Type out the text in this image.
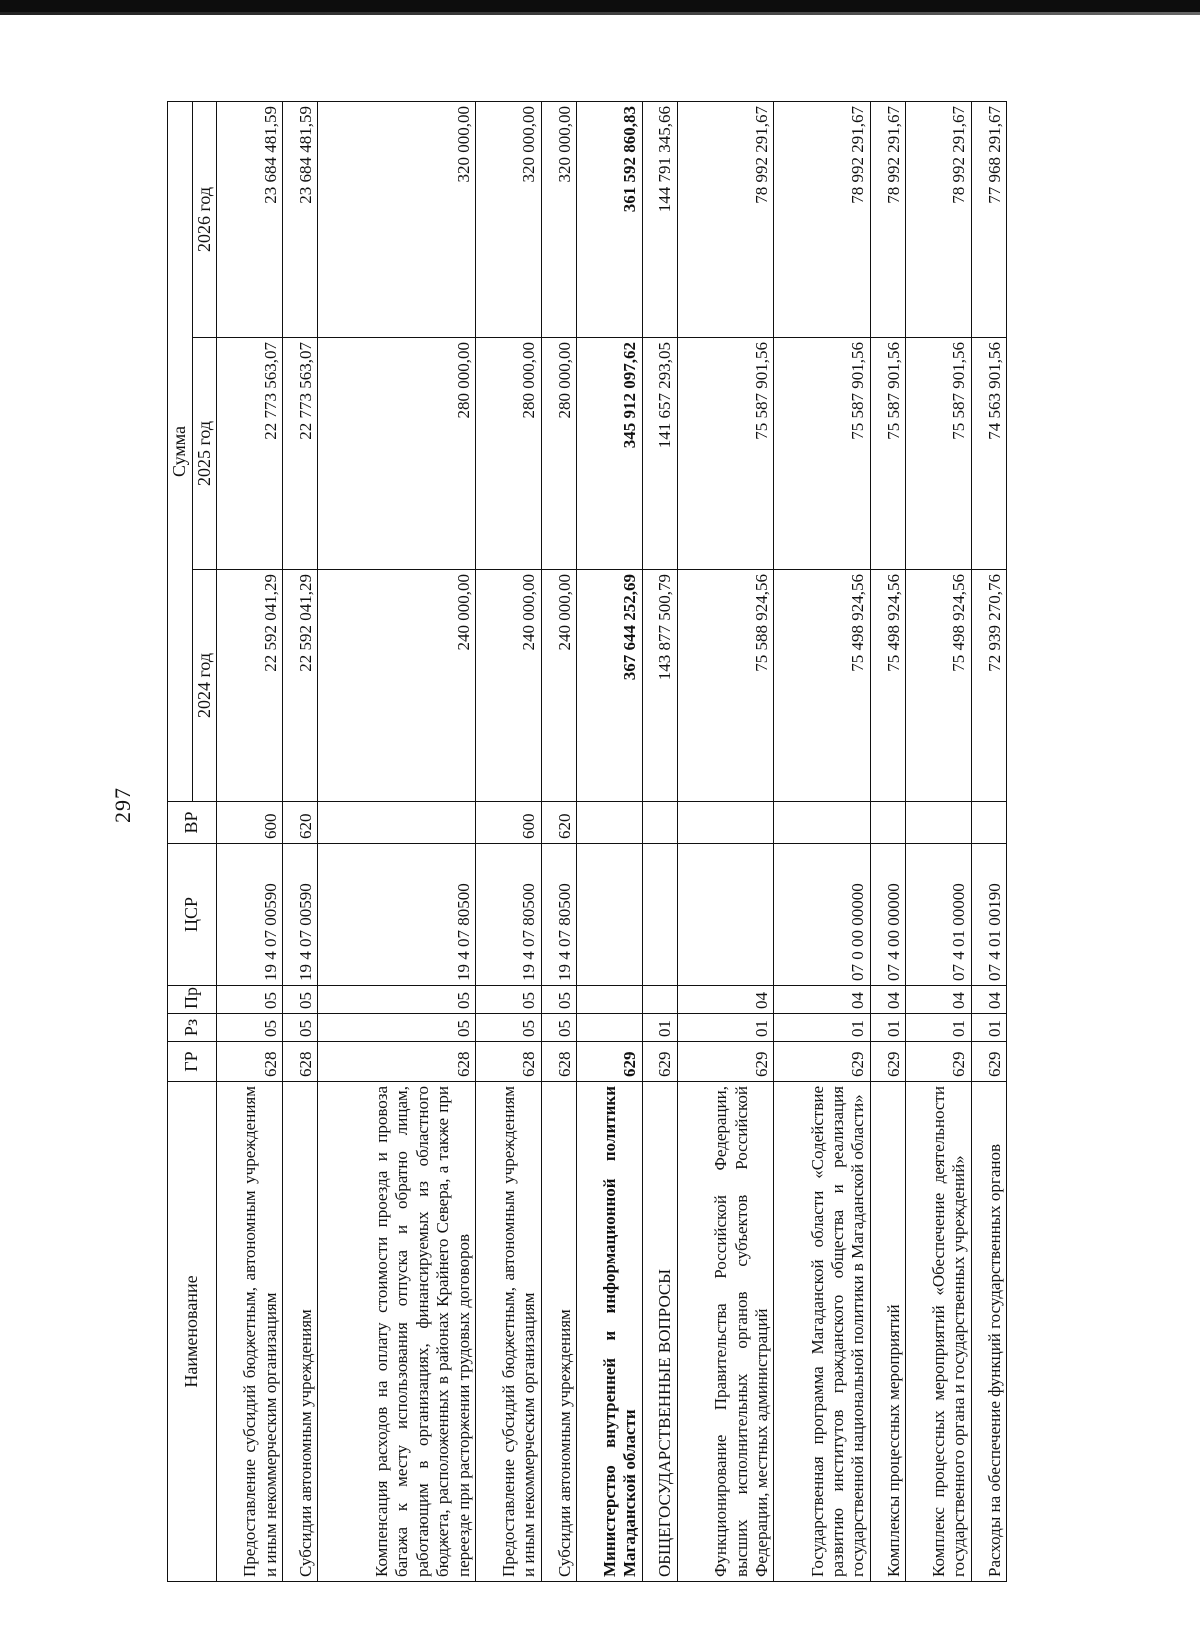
297
Наименование	ГР	Рз	Пр	ЦСР	ВР	Сумма		
						2024 год	2025 год	2026 год
Предоставление субсидий бюджетным, автономным учреждениям и иным некоммерческим организациям	628	05	05	19 4 07 00590	600	22 592 041,29	22 773 563,07	23 684 481,59
Субсидии автономным учреждениям	628	05	05	19 4 07 00590	620	22 592 041,29	22 773 563,07	23 684 481,59
Компенсация расходов на оплату стоимости проезда и провоза багажа к месту использования отпуска и обратно лицам, работающим в организациях, финансируемых из областного бюджета, расположенных в районах Крайнего Севера, а также при переезде при расторжении трудовых договоров	628	05	05	19 4 07 80500		240 000,00	280 000,00	320 000,00
Предоставление субсидий бюджетным, автономным учреждениям и иным некоммерческим организациям	628	05	05	19 4 07 80500	600	240 000,00	280 000,00	320 000,00
Субсидии автономным учреждениям	628	05	05	19 4 07 80500	620	240 000,00	280 000,00	320 000,00
Министерство внутренней и информационной политики Магаданской области	629					367 644 252,69	345 912 097,62	361 592 860,83
ОБЩЕГОСУДАРСТВЕННЫЕ ВОПРОСЫ	629	01				143 877 500,79	141 657 293,05	144 791 345,66
Функционирование Правительства Российской Федерации, высших исполнительных органов субъектов Российской Федерации, местных администраций	629	01	04			75 588 924,56	75 587 901,56	78 992 291,67
Государственная программа Магаданской области «Содействие развитию институтов гражданского общества и реализация государственной национальной политики в Магаданской области»	629	01	04	07 0 00 00000		75 498 924,56	75 587 901,56	78 992 291,67
Комплексы процессных мероприятий	629	01	04	07 4 00 00000		75 498 924,56	75 587 901,56	78 992 291,67
Комплекс процессных мероприятий «Обеспечение деятельности государственного органа и государственных учреждений»	629	01	04	07 4 01 00000		75 498 924,56	75 587 901,56	78 992 291,67
Расходы на обеспечение функций государственных органов	629	01	04	07 4 01 00190		72 939 270,76	74 563 901,56	77 968 291,67
